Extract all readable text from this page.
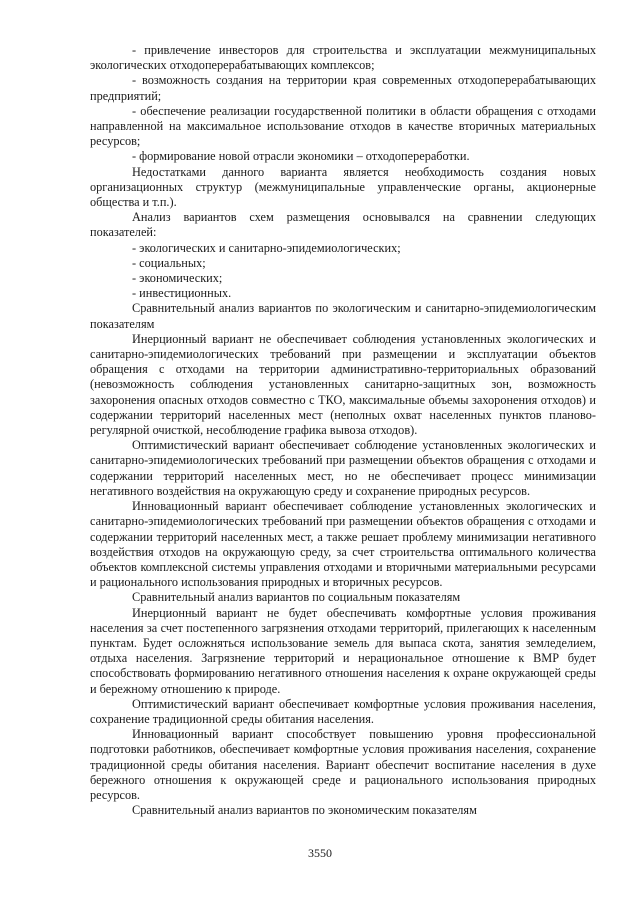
- привлечение инвесторов для строительства и эксплуатации межмуниципальных экологических отходоперерабатывающих комплексов;

- возможность создания на территории края современных отходоперерабатывающих предприятий;

- обеспечение реализации государственной политики в области обращения с отходами направленной на максимальное использование отходов в качестве вторичных материальных ресурсов;

- формирование новой отрасли экономики – отходопереработки.

Недостатками данного варианта является необходимость создания новых организационных структур (межмуниципальные управленческие органы, акционерные общества и т.п.).

Анализ вариантов схем размещения основывался на сравнении следующих показателей:

- экологических и санитарно-эпидемиологических;

- социальных;

- экономических;

- инвестиционных.

Сравнительный анализ вариантов по экологическим и санитарно-эпидемиологическим показателям

Инерционный вариант не обеспечивает соблюдения установленных экологических и санитарно-эпидемиологических требований при размещении и эксплуатации объектов обращения с отходами на территории административно-территориальных образований (невозможность соблюдения установленных санитарно-защитных зон, возможность захоронения опасных отходов совместно с ТКО, максимальные объемы захоронения отходов) и содержании территорий населенных мест (неполных охват населенных пунктов планово-регулярной очисткой, несоблюдение графика вывоза отходов).

Оптимистический вариант обеспечивает соблюдение установленных экологических и санитарно-эпидемиологических требований при размещении объектов обращения с отходами и содержании территорий населенных мест, но не обеспечивает процесс минимизации негативного воздействия на окружающую среду и сохранение природных ресурсов.

Инновационный вариант обеспечивает соблюдение установленных экологических и санитарно-эпидемиологических требований при размещении объектов обращения с отходами и содержании территорий населенных мест, а также решает проблему минимизации негативного воздействия отходов на окружающую среду, за счет строительства оптимального количества объектов комплексной системы управления отходами и вторичными материальными ресурсами и рационального использования природных и вторичных ресурсов.

Сравнительный анализ вариантов по социальным показателям

Инерционный вариант не будет обеспечивать комфортные условия проживания населения за счет постепенного загрязнения отходами территорий, прилегающих к населенным пунктам. Будет осложняться использование земель для выпаса скота, занятия земледелием, отдыха населения. Загрязнение территорий и нерациональное отношение к ВМР будет способствовать формированию негативного отношения населения к охране окружающей среды и бережному отношению к природе.

Оптимистический вариант обеспечивает комфортные условия проживания населения, сохранение традиционной среды обитания населения.

Инновационный вариант способствует повышению уровня профессиональной подготовки работников, обеспечивает комфортные условия проживания населения, сохранение традиционной среды обитания населения. Вариант обеспечит воспитание населения в духе бережного отношения к окружающей среде и рационального использования природных ресурсов.

Сравнительный анализ вариантов по экономическим показателям

3550
